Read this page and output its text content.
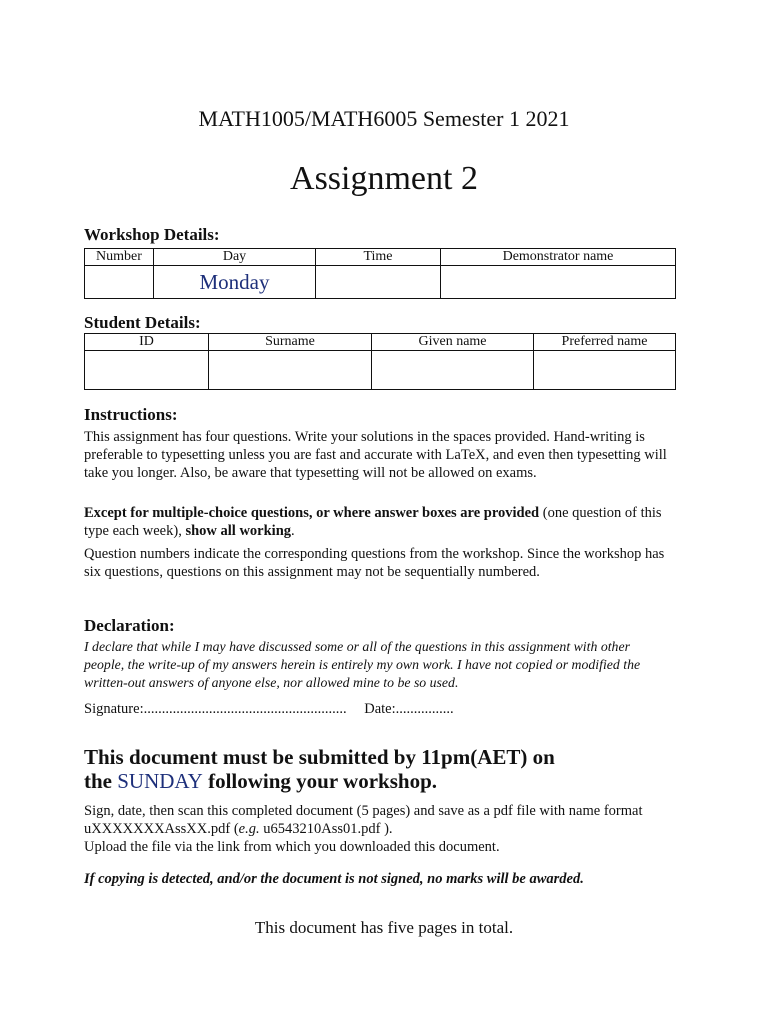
MATH1005/MATH6005 Semester 1 2021
Assignment 2
Workshop Details:
Number	Day	Time	Demonstrator name
	Monday		
Student Details:
ID	Surname	Given name	Preferred name

Instructions:
This assignment has four questions. Write your solutions in the spaces provided. Hand-writing is preferable to typesetting unless you are fast and accurate with LaTeX, and even then typesetting will take you longer. Also, be aware that typesetting will not be allowed on exams.
Except for multiple-choice questions, or where answer boxes are provided (one question of this type each week), show all working.
Question numbers indicate the corresponding questions from the workshop. Since the workshop has six questions, questions on this assignment may not be sequentially numbered.
Declaration:
I declare that while I may have discussed some or all of the questions in this assignment with other people, the write-up of my answers herein is entirely my own work. I have not copied or modified the written-out answers of anyone else, nor allowed mine to be so used.
Signature:........................................................ Date:................
This document must be submitted by 11pm(AET) on
the SUNDAY following your workshop.
Sign, date, then scan this completed document (5 pages) and save as a pdf file with name format uXXXXXXXAssXX.pdf (e.g. u6543210Ass01.pdf ).
Upload the file via the link from which you downloaded this document.
If copying is detected, and/or the document is not signed, no marks will be awarded.
This document has five pages in total.
